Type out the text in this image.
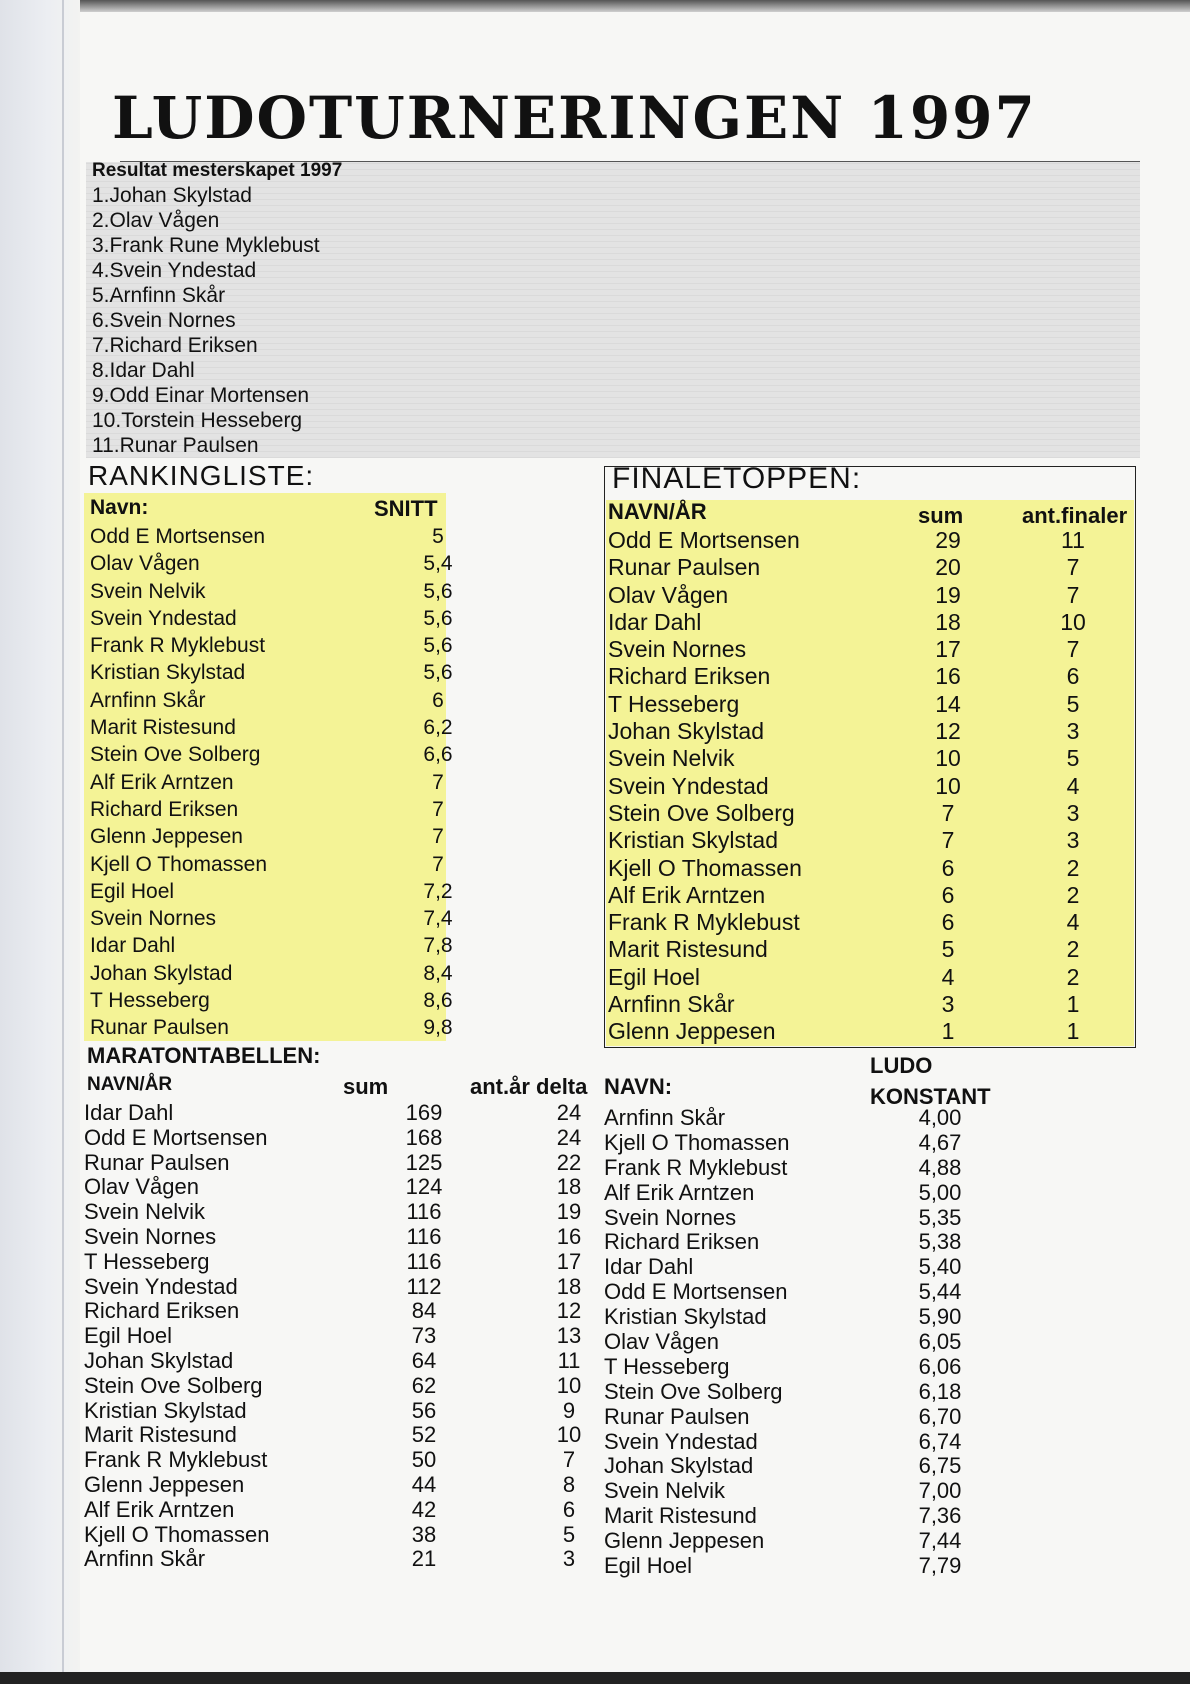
LUDOTURNERINGEN 1997
Resultat mesterskapet 1997
1.Johan Skylstad
2.Olav Vågen
3.Frank Rune Myklebust
4.Svein Yndestad
5.Arnfinn Skår
6.Svein Nornes
7.Richard Eriksen
8.Idar Dahl
9.Odd Einar Mortensen
10.Torstein Hesseberg
11.Runar Paulsen
RANKINGLISTE:
Navn:	SNITT
Odd E Mortsensen	5
Olav Vågen	5,4
Svein Nelvik	5,6
Svein Yndestad	5,6
Frank R Myklebust	5,6
Kristian Skylstad	5,6
Arnfinn Skår	6
Marit Ristesund	6,2
Stein Ove Solberg	6,6
Alf Erik Arntzen	7
Richard Eriksen	7
Glenn Jeppesen	7
Kjell O Thomassen	7
Egil Hoel	7,2
Svein Nornes	7,4
Idar Dahl	7,8
Johan Skylstad	8,4
T Hesseberg	8,6
Runar Paulsen	9,8
FINALETOPPEN:
NAVN/ÅR	sum	ant.finaler
Odd E Mortsensen	29	11
Runar Paulsen	20	7
Olav Vågen	19	7
Idar Dahl	18	10
Svein Nornes	17	7
Richard Eriksen	16	6
T Hesseberg	14	5
Johan Skylstad	12	3
Svein Nelvik	10	5
Svein Yndestad	10	4
Stein Ove Solberg	7	3
Kristian Skylstad	7	3
Kjell O Thomassen	6	2
Alf Erik Arntzen	6	2
Frank R Myklebust	6	4
Marit Ristesund	5	2
Egil Hoel	4	2
Arnfinn Skår	3	1
Glenn Jeppesen	1	1
MARATONTABELLEN:
NAVN/ÅR	sum	ant.år delta
Idar Dahl	169	24
Odd E Mortsensen	168	24
Runar Paulsen	125	22
Olav Vågen	124	18
Svein Nelvik	116	19
Svein Nornes	116	16
T Hesseberg	116	17
Svein Yndestad	112	18
Richard Eriksen	84	12
Egil Hoel	73	13
Johan Skylstad	64	11
Stein Ove Solberg	62	10
Kristian Skylstad	56	9
Marit Ristesund	52	10
Frank R Myklebust	50	7
Glenn Jeppesen	44	8
Alf Erik Arntzen	42	6
Kjell O Thomassen	38	5
Arnfinn Skår	21	3
NAVN:
LUDO
KONSTANT
Arnfinn Skår	4,00
Kjell O Thomassen	4,67
Frank R Myklebust	4,88
Alf Erik Arntzen	5,00
Svein Nornes	5,35
Richard Eriksen	5,38
Idar Dahl	5,40
Odd E Mortsensen	5,44
Kristian Skylstad	5,90
Olav Vågen	6,05
T Hesseberg	6,06
Stein Ove Solberg	6,18
Runar Paulsen	6,70
Svein Yndestad	6,74
Johan Skylstad	6,75
Svein Nelvik	7,00
Marit Ristesund	7,36
Glenn Jeppesen	7,44
Egil Hoel	7,79
